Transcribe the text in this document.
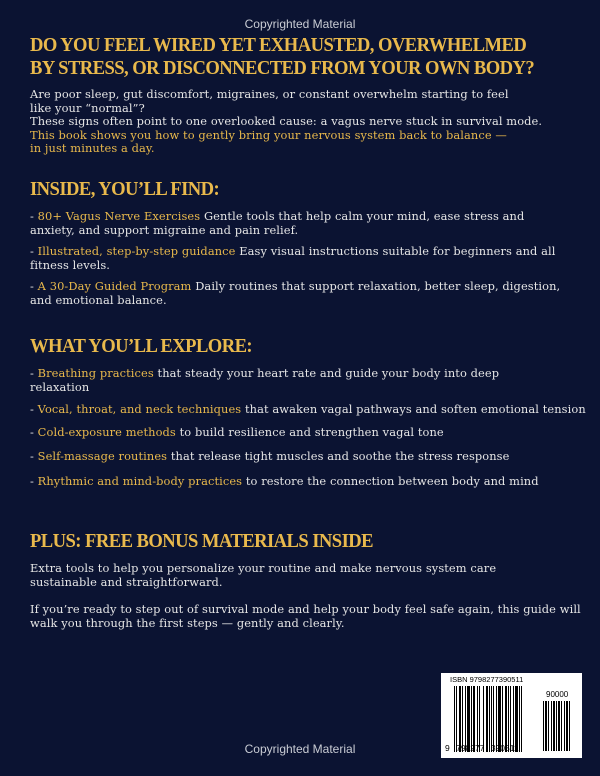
Copyrighted Material
DO YOU FEEL WIRED YET EXHAUSTED, OVERWHELMED
BY STRESS, OR DISCONNECTED FROM YOUR OWN BODY?
Are poor sleep, gut discomfort, migraines, or constant overwhelm starting to feel like your “normal”?
These signs often point to one overlooked cause: a vagus nerve stuck in survival mode.
This book shows you how to gently bring your nervous system back to balance — in just minutes a day.
INSIDE, YOU’LL FIND:
- 80+ Vagus Nerve Exercises Gentle tools that help calm your mind, ease stress and anxiety, and support migraine and pain relief.
- Illustrated, step-by-step guidance Easy visual instructions suitable for beginners and all fitness levels.
- A 30-Day Guided Program Daily routines that support relaxation, better sleep, digestion, and emotional balance.
WHAT YOU’LL EXPLORE:
- Breathing practices that steady your heart rate and guide your body into deep relaxation
- Vocal, throat, and neck techniques that awaken vagal pathways and soften emotional tension
- Cold-exposure methods to build resilience and strengthen vagal tone
- Self-massage routines that release tight muscles and soothe the stress response
- Rhythmic and mind-body practices to restore the connection between body and mind
PLUS: FREE BONUS MATERIALS INSIDE
Extra tools to help you personalize your routine and make nervous system care sustainable and straightforward.
If you’re ready to step out of survival mode and help your body feel safe again, this guide will walk you through the first steps — gently and clearly.
ISBN 9798277390511
90000
9 798277 390511
Copyrighted Material
